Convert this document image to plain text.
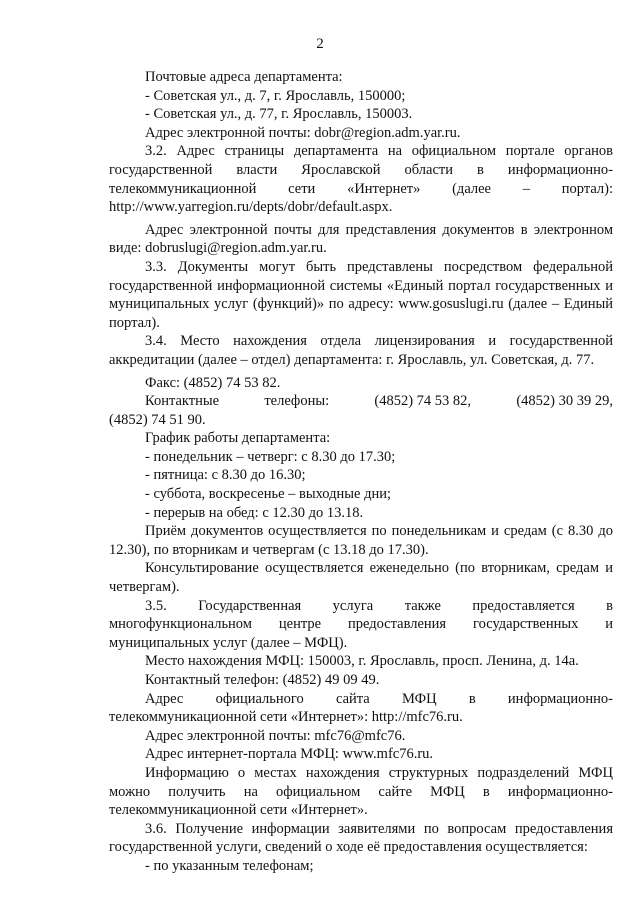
2

Почтовые адреса департамента:

- Советская ул., д. 7, г. Ярославль, 150000;

- Советская ул., д. 77, г. Ярославль, 150003.

Адрес электронной почты: dobr@region.adm.yar.ru.

3.2. Адрес страницы департамента на официальном портале органов государственной власти Ярославской области в информационно-телекоммуникационной сети «Интернет» (далее – портал): http://www.yarregion.ru/depts/dobr/default.aspx.

Адрес электронной почты для представления документов в электронном виде: dobruslugi@region.adm.yar.ru.

3.3. Документы могут быть представлены посредством федеральной государственной информационной системы «Единый портал государственных и муниципальных услуг (функций)» по адресу: www.gosuslugi.ru (далее – Единый портал).

3.4. Место нахождения отдела лицензирования и государственной аккредитации (далее – отдел) департамента: г. Ярославль, ул. Советская, д. 77.

Факс: (4852) 74 53 82.

Контактные	телефоны:	(4852) 74 53 82,	(4852) 30 39 29,

(4852) 74 51 90.

График работы департамента:

- понедельник – четверг: с 8.30 до 17.30;

- пятница: с 8.30 до 16.30;

- суббота, воскресенье – выходные дни;

- перерыв на обед: с 12.30 до 13.18.

Приём документов осуществляется по понедельникам и средам (с 8.30 до 12.30), по вторникам и четвергам (с 13.18 до 17.30).

Консультирование осуществляется еженедельно (по вторникам, средам и четвергам).

3.5. Государственная услуга также предоставляется в многофункциональном центре предоставления государственных и муниципальных услуг (далее – МФЦ).

Место нахождения МФЦ: 150003, г. Ярославль, просп. Ленина, д. 14а.

Контактный телефон: (4852) 49 09 49.

Адрес официального сайта МФЦ в информационно-телекоммуникационной сети «Интернет»: http://mfc76.ru.

Адрес электронной почты: mfc76@mfc76.

Адрес интернет-портала МФЦ: www.mfc76.ru.

Информацию о местах нахождения структурных подразделений МФЦ можно получить на официальном сайте МФЦ в информационно-телекоммуникационной сети «Интернет».

3.6. Получение информации заявителями по вопросам предоставления государственной услуги, сведений о ходе её предоставления осуществляется:

- по указанным телефонам;
